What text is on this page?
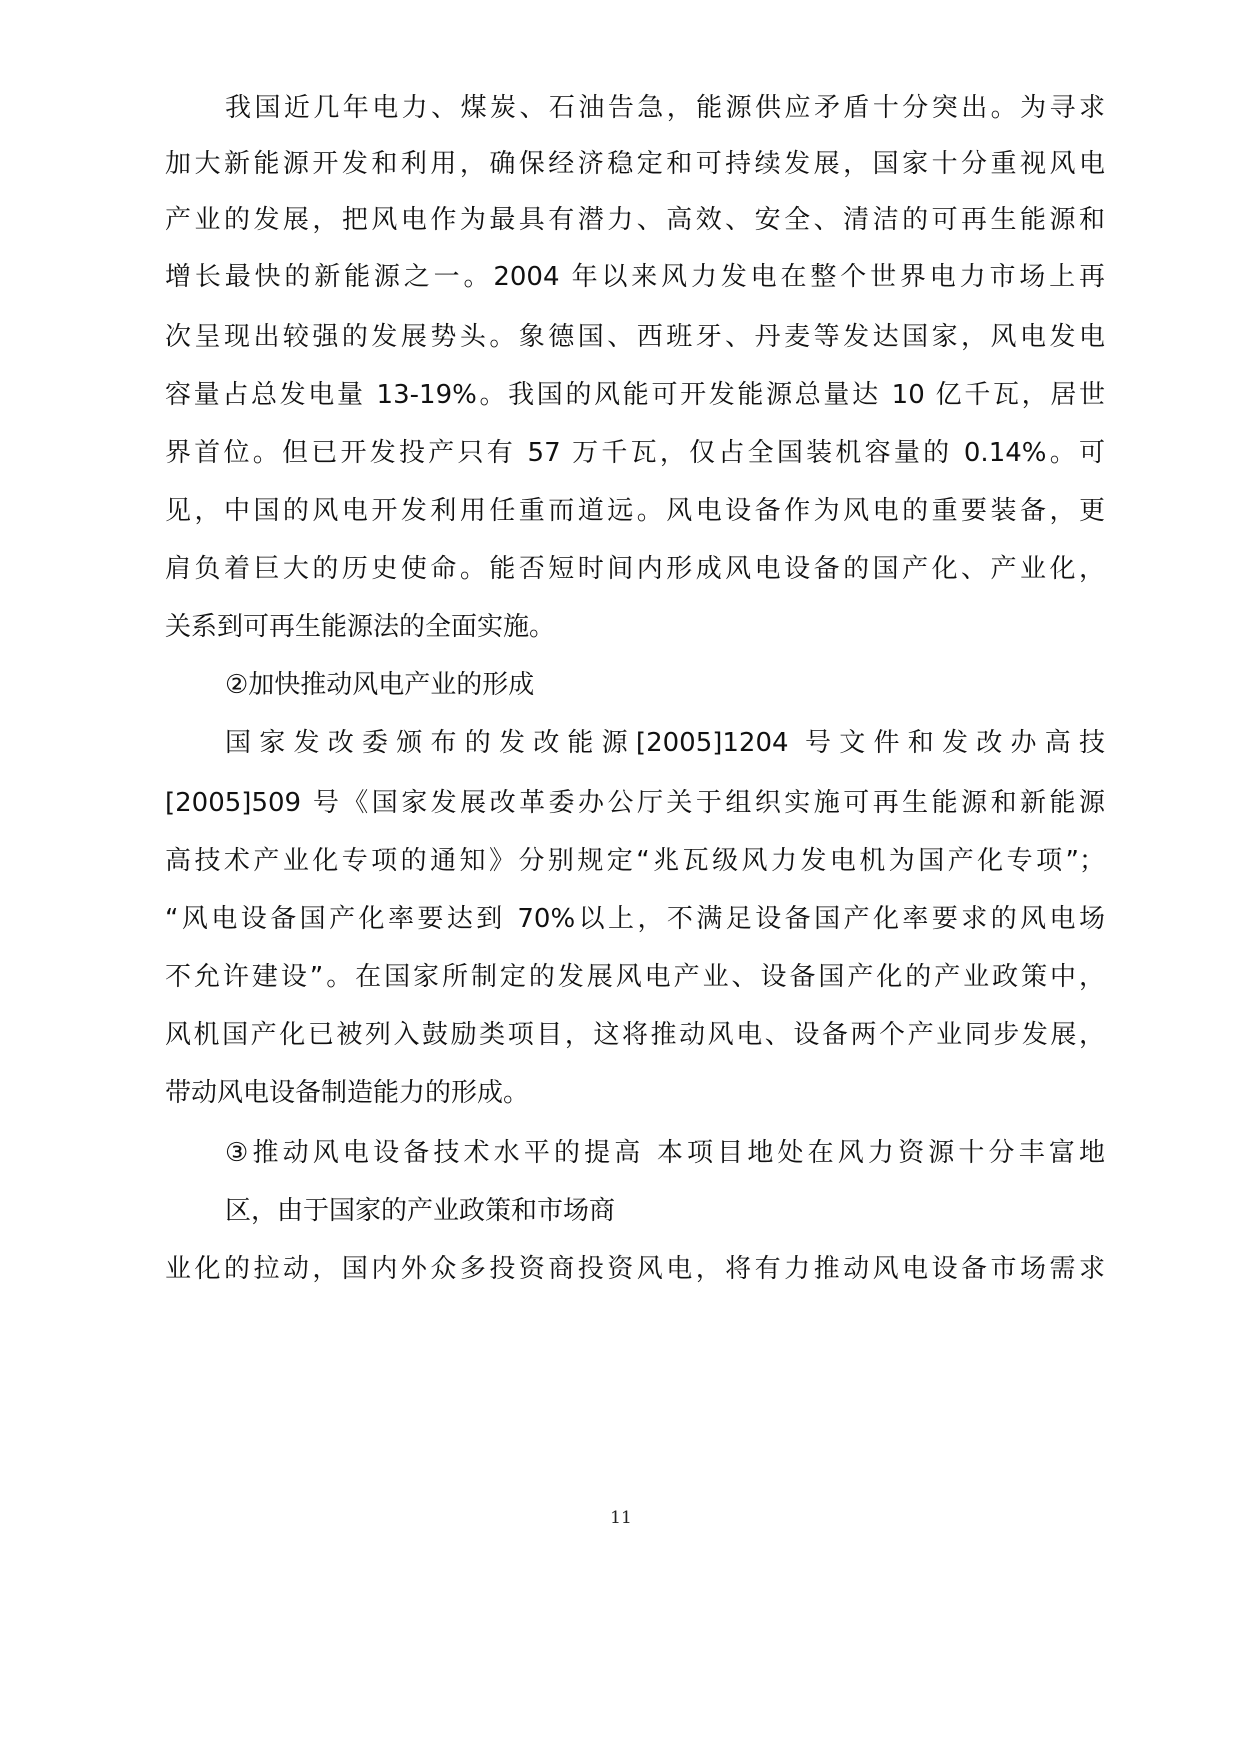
我国近几年电力、煤炭、石油告急，能源供应矛盾十分突出。为寻求
加大新能源开发和利用，确保经济稳定和可持续发展，国家十分重视风电
产业的发展，把风电作为最具有潜力、高效、安全、清洁的可再生能源和
增长最快的新能源之一。2004 年以来风力发电在整个世界电力市场上再
次呈现出较强的发展势头。象德国、西班牙、丹麦等发达国家，风电发电
容量占总发电量 13-19%。我国的风能可开发能源总量达 10 亿千瓦，居世
界首位。但已开发投产只有 57 万千瓦，仅占全国装机容量的 0.14%。可
见，中国的风电开发利用任重而道远。风电设备作为风电的重要装备，更
肩负着巨大的历史使命。能否短时间内形成风电设备的国产化、产业化，
关系到可再生能源法的全面实施。
②加快推动风电产业的形成
国家发改委颁布的发改能源[2005]1204 号文件和发改办高技
[2005]509 号《国家发展改革委办公厅关于组织实施可再生能源和新能源
高技术产业化专项的通知》分别规定“兆瓦级风力发电机为国产化专项”；
“风电设备国产化率要达到 70%以上，不满足设备国产化率要求的风电场
不允许建设”。在国家所制定的发展风电产业、设备国产化的产业政策中，
风机国产化已被列入鼓励类项目，这将推动风电、设备两个产业同步发展，
带动风电设备制造能力的形成。
③推动风电设备技术水平的提高 本项目地处在风力资源十分丰富地
区，由于国家的产业政策和市场商
业化的拉动，国内外众多投资商投资风电，将有力推动风电设备市场需求
11
